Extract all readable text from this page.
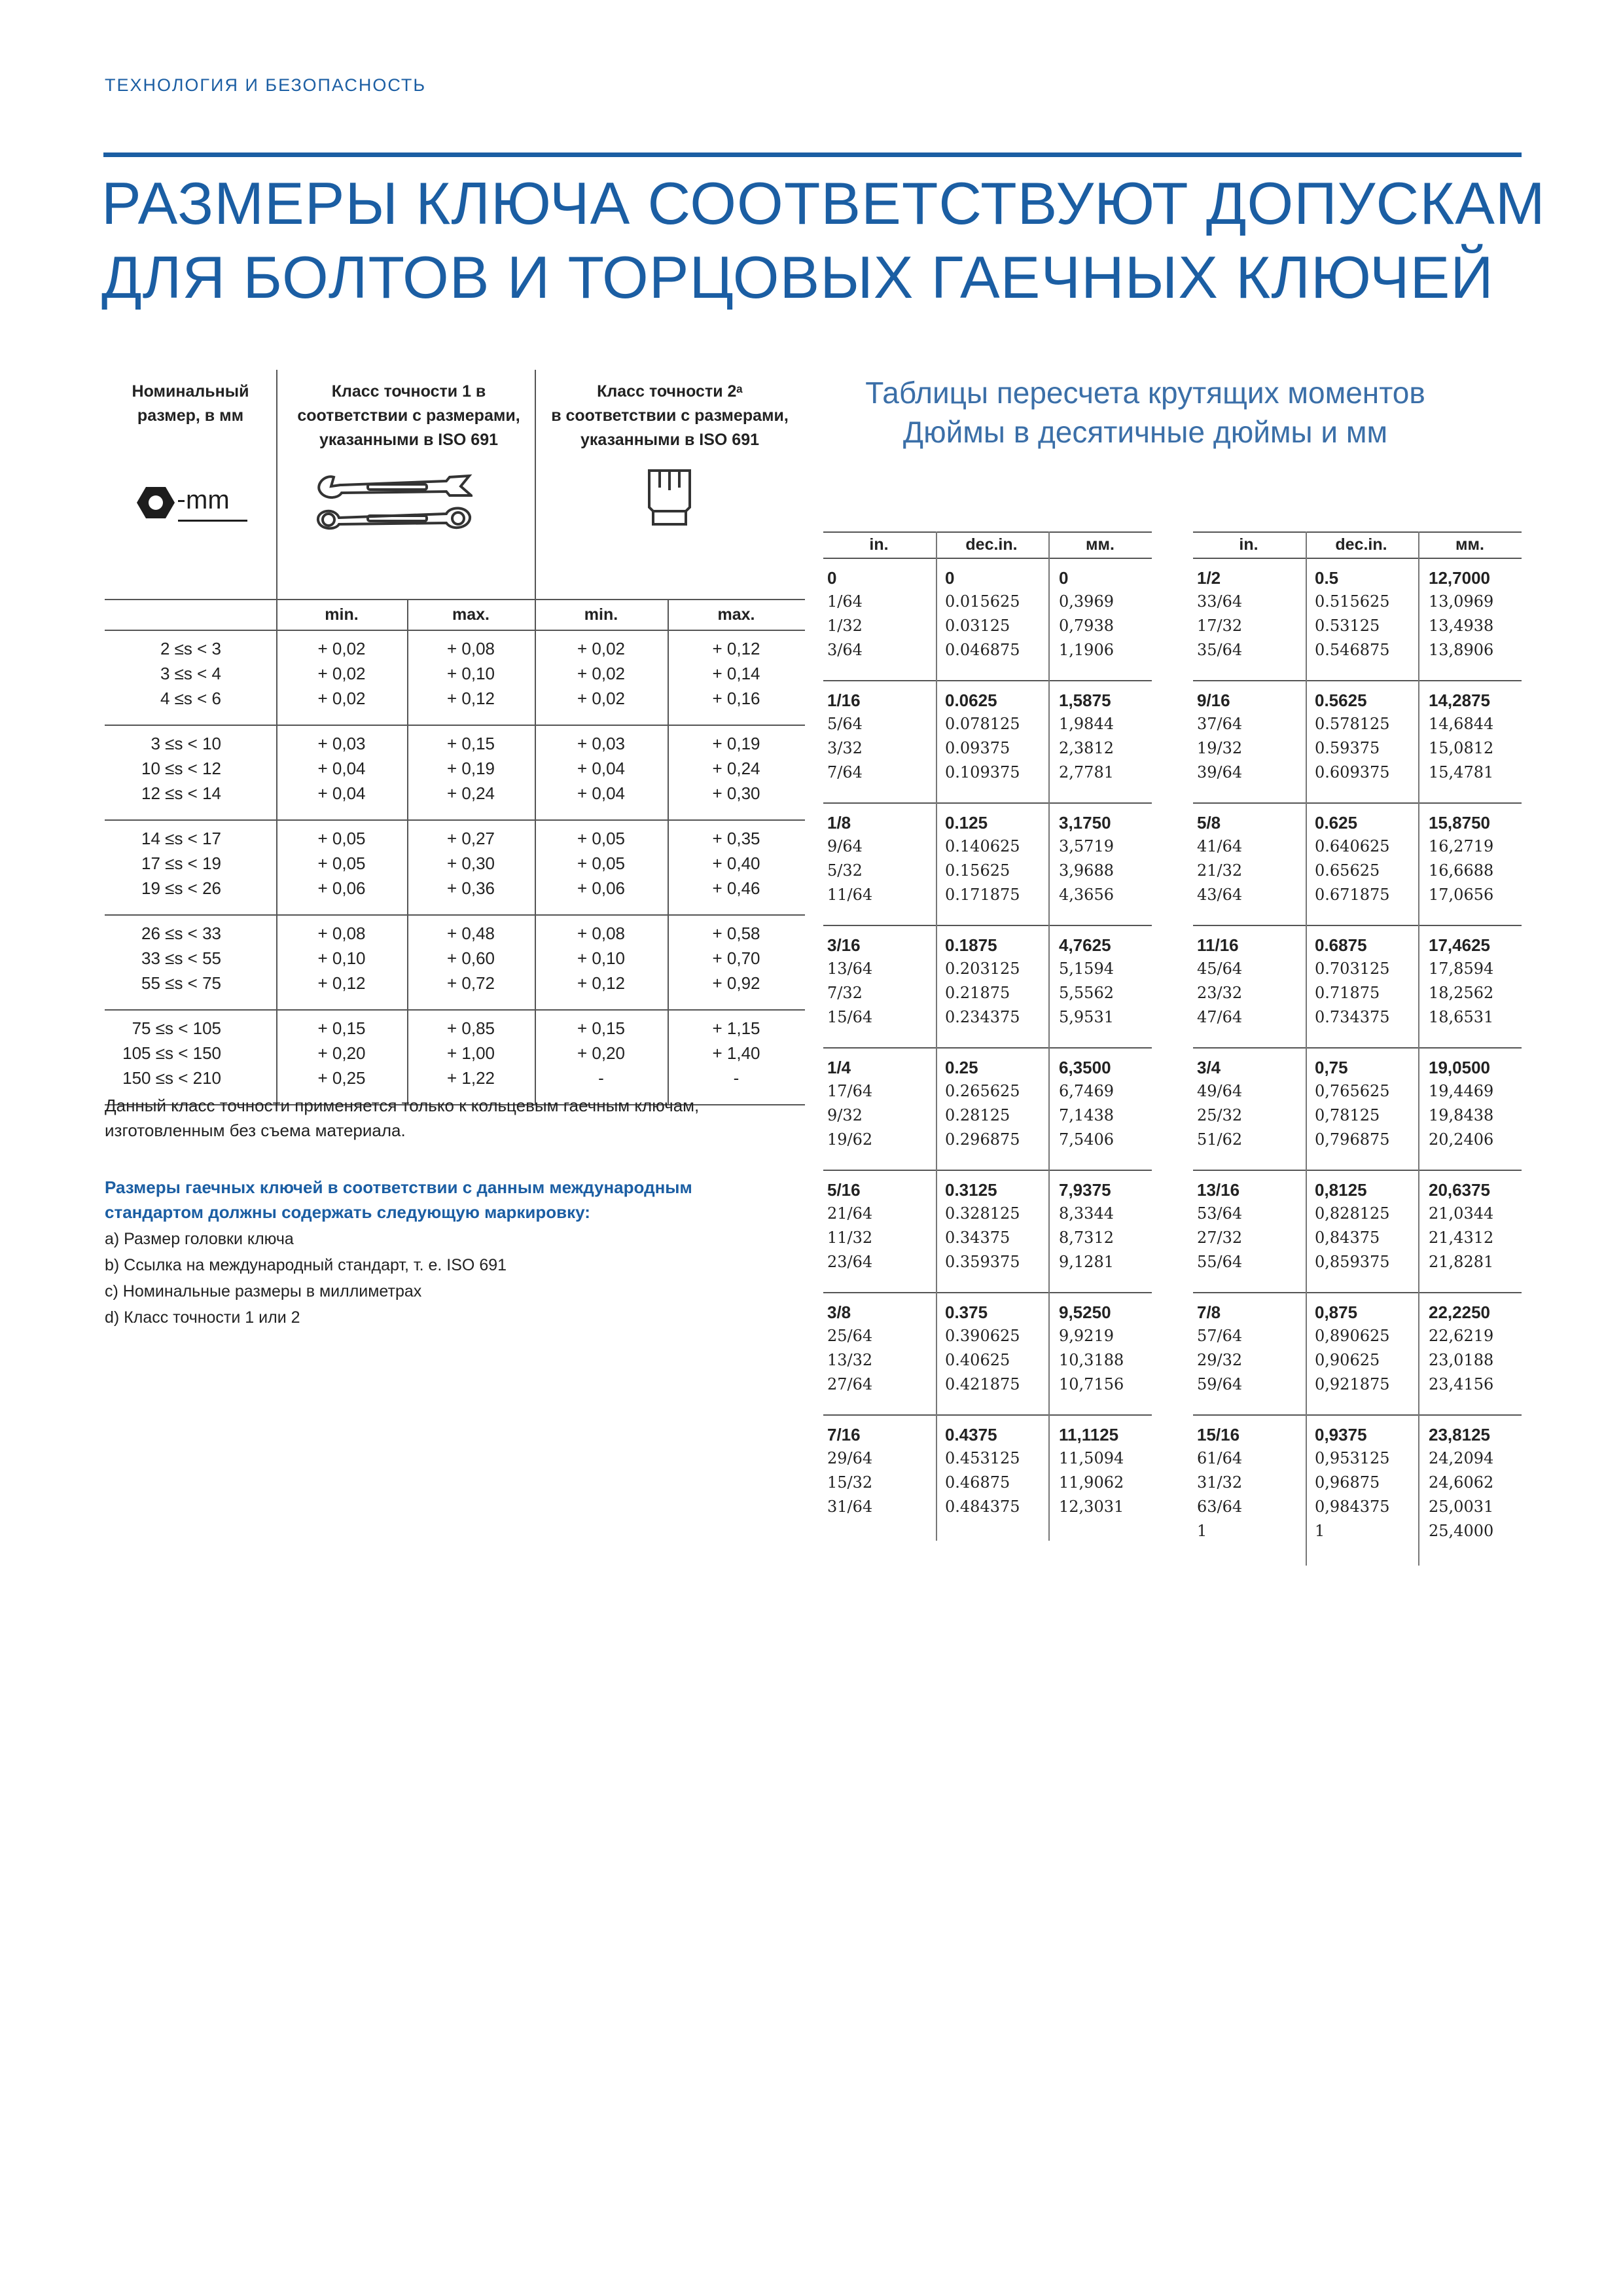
ТЕХНОЛОГИЯ И БЕЗОПАСНОСТЬ
РАЗМЕРЫ КЛЮЧА СООТВЕТСТВУЮТ ДОПУСКАМ
ДЛЯ БОЛТОВ И ТОРЦОВЫХ ГАЕЧНЫХ КЛЮЧЕЙ
Номинальный
размер, в мм
Класс точности 1 в
соответствии с размерами,
указанными в ISO 691
Класс точности 2ᵃ
в соответствии с размерами,
указанными в ISO 691
mm
min.	max.	min.	max.
2 ≤s < 3	+ 0,02	+ 0,08	+ 0,02	+ 0,12
3 ≤s < 4	+ 0,02	+ 0,10	+ 0,02	+ 0,14
4 ≤s < 6	+ 0,02	+ 0,12	+ 0,02	+ 0,16
3 ≤s < 10	+ 0,03	+ 0,15	+ 0,03	+ 0,19
10 ≤s < 12	+ 0,04	+ 0,19	+ 0,04	+ 0,24
12 ≤s < 14	+ 0,04	+ 0,24	+ 0,04	+ 0,30
14 ≤s < 17	+ 0,05	+ 0,27	+ 0,05	+ 0,35
17 ≤s < 19	+ 0,05	+ 0,30	+ 0,05	+ 0,40
19 ≤s < 26	+ 0,06	+ 0,36	+ 0,06	+ 0,46
26 ≤s < 33	+ 0,08	+ 0,48	+ 0,08	+ 0,58
33 ≤s < 55	+ 0,10	+ 0,60	+ 0,10	+ 0,70
55 ≤s < 75	+ 0,12	+ 0,72	+ 0,12	+ 0,92
75 ≤s < 105	+ 0,15	+ 0,85	+ 0,15	+ 1,15
105 ≤s < 150	+ 0,20	+ 1,00	+ 0,20	+ 1,40
150 ≤s < 210	+ 0,25	+ 1,22	-	-
Данный класс точности применяется только к кольцевым гаечным ключам, изготовленным без съема материала.
Размеры гаечных ключей в соответствии с данным международным стандартом должны содержать следующую маркировку:
a) Размер головки ключа
b) Ссылка на международный стандарт, т. е. ISO 691
c) Номинальные размеры в миллиметрах
d) Класс точности 1 или 2
Таблицы пересчета крутящих моментов
Дюймы в десятичные дюймы и мм
in.	dec.in.	мм.
0	0	0
1/64	0.015625 0,3969
1/32	0.03125	0,7938
3/64	0.046875 1,1906
1/16	0.0625	1,5875
5/64	0.078125 1,9844
3/32	0.09375	2,3812
7/64	0.109375 2,7781
1/8	0.125	3,1750
9/64	0.140625 3,5719
5/32	0.15625	3,9688
11/64	0.171875 4,3656
3/16	0.1875	4,7625
13/64	0.203125 5,1594
7/32	0.21875	5,5562
15/64	0.234375 5,9531
1/4	0.25	6,3500
17/64	0.265625 6,7469
9/32	0.28125	7,1438
19/62	0.296875 7,5406
5/16	0.3125	7,9375
21/64	0.328125 8,3344
11/32	0.34375	8,7312
23/64	0.359375 9,1281
3/8	0.375	9,5250
25/64	0.390625 9,9219
13/32	0.40625	10,3188
27/64	0.421875 10,7156
7/16	0.4375	11,1125
29/64	0.453125 11,5094
15/32	0.46875	11,9062
31/64	0.484375 12,3031
in.	dec.in.	мм.
1/2	0.5	12,7000
33/64	0.515625 13,0969
17/32	0.53125	13,4938
35/64	0.546875 13,8906
9/16	0.5625	14,2875
37/64	0.578125 14,6844
19/32	0.59375	15,0812
39/64	0.609375 15,4781
5/8	0.625	15,8750
41/64	0.640625 16,2719
21/32	0.65625	16,6688
43/64	0.671875 17,0656
11/16	0.6875	17,4625
45/64	0.703125 17,8594
23/32	0.71875	18,2562
47/64	0.734375 18,6531
3/4	0,75	19,0500
49/64	0,765625 19,4469
25/32	0,78125	19,8438
51/62	0,796875 20,2406
13/16	0,8125	20,6375
53/64	0,828125 21,0344
27/32	0,84375	21,4312
55/64	0,859375 21,8281
7/8	0,875	22,2250
57/64	0,890625 22,6219
29/32	0,90625	23,0188
59/64	0,921875 23,4156
15/16	0,9375	23,8125
61/64	0,953125 24,2094
31/32	0,96875	24,6062
63/64	0,984375 25,0031
1	1	25,4000
